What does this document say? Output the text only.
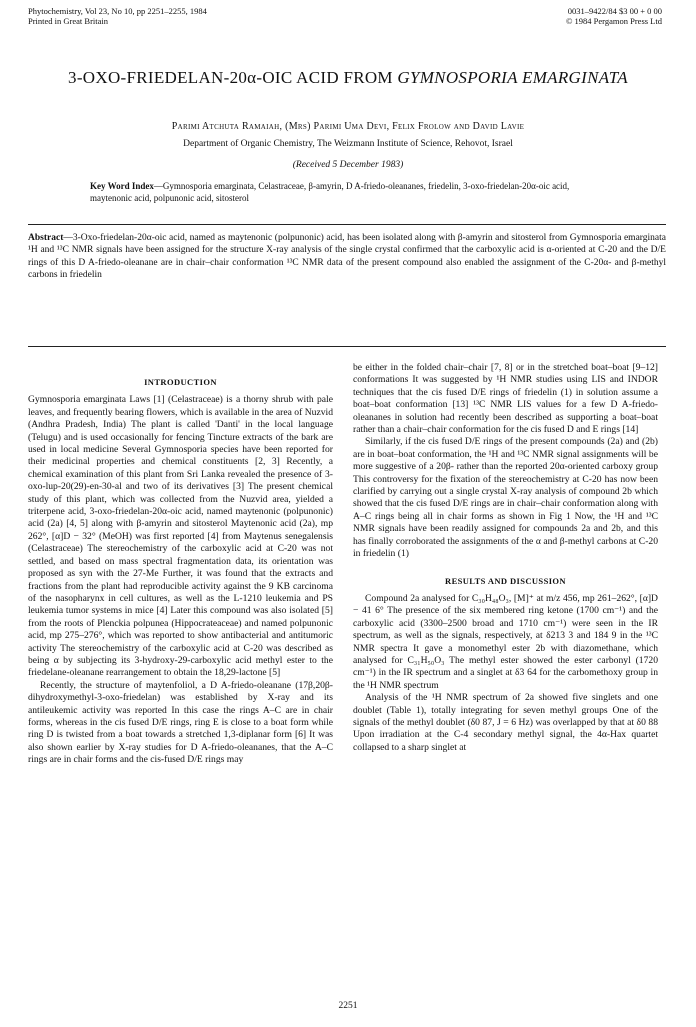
Phytochemistry, Vol 23, No 10, pp 2251–2255, 1984
Printed in Great Britain
0031–9422/84 $3 00 + 0 00
© 1984 Pergamon Press Ltd
3-OXO-FRIEDELAN-20α-OIC ACID FROM GYMNOSPORIA EMARGINATA
Parimi Atchuta Ramaiah, (Mrs) Parimi Uma Devi, Felix Frolow and David Lavie
Department of Organic Chemistry, The Weizmann Institute of Science, Rehovot, Israel
(Received 5 December 1983)
Key Word Index—Gymnosporia emarginata, Celastraceae, β-amyrin, D A-friedo-oleananes, friedelin, 3-oxo-friedelan-20α-oic acid, maytenonic acid, polpunonic acid, sitosterol
Abstract—3-Oxo-friedelan-20α-oic acid, named as maytenonic (polpunonic) acid, has been isolated along with β-amyrin and sitosterol from Gymnosporia emarginata ¹H and ¹³C NMR signals have been assigned for the structure X-ray analysis of the single crystal confirmed that the carboxylic acid is α-oriented at C-20 and the D/E rings of this D A-friedo-oleanane are in chair–chair conformation ¹³C NMR data of the present compound also enabled the assignment of the C-20α- and β-methyl carbons in friedelin
INTRODUCTION

Gymnosporia emarginata Laws [1] (Celastraceae) is a thorny shrub with pale leaves, and frequently bearing flowers, which is available in the area of Nuzvid (Andhra Pradesh, India) The plant is called 'Danti' in the local language (Telugu) and is used occasionally for fencing Tincture extracts of the bark are used in local medicine Several Gymnosporia species have been reported for their medicinal properties and chemical constituents [2, 3] Recently, a chemical examination of this plant from Sri Lanka revealed the presence of 3-oxo-lup-20(29)-en-30-al and two of its derivatives [3] The present chemical study of this plant, which was collected from the Nuzvid area, yielded a triterpene acid, 3-oxo-friedelan-20α-oic acid, named maytenonic (polpunonic) acid (2a) [4, 5] along with β-amyrin and sitosterol Maytenonic acid (2a), mp 262°, [α]D − 32° (MeOH) was first reported [4] from Maytenus senegalensis (Celastraceae) The stereochemistry of the carboxylic acid at C-20 was not settled, and based on mass spectral fragmentation data, its orientation was proposed as syn with the 27-Me Further, it was found that the extracts and fractions from the plant had reproducible activity against the 9 KB carcinoma of the nasopharynx in cell cultures, as well as the L-1210 leukemia and PS leukemia tumor systems in mice [4] Later this compound was also isolated [5] from the roots of Plenckia polpunea (Hippocrateaceae) and named polpunonic acid, mp 275–276°, which was reported to show antibacterial and antitumoric activity The stereochemistry of the carboxylic acid at C-20 was described as being α by subjecting its 3-hydroxy-29-carboxylic acid methyl ester to the friedelane-oleanane rearrangement to obtain the 18,29-lactone [5]

Recently, the structure of maytenfoliol, a D A-friedo-oleanane (17β,20β-dihydroxymethyl-3-oxo-friedelan) was established by X-ray and its antileukemic activity was reported In this case the rings A–C are in chair forms, whereas in the cis fused D/E rings, ring E is close to a boat form while ring D is twisted from a boat towards a stretched 1,3-diplanar form [6] It was also shown earlier by X-ray studies for D A-friedo-oleananes, that the A–C rings are in chair forms and the cis-fused D/E rings may

be either in the folded chair–chair [7, 8] or in the stretched boat–boat [9–12] conformations It was suggested by ¹H NMR studies using LIS and INDOR techniques that the cis fused D/E rings of friedelin (1) in solution assume a boat–boat conformation [13] ¹³C NMR LIS values for a few D A-friedo-oleananes in solution had recently been described as supporting a boat–boat rather than a chair–chair conformation for the cis fused D and E rings [14]

Similarly, if the cis fused D/E rings of the present compounds (2a) and (2b) are in boat–boat conformation, the ¹H and ¹³C NMR signal assignments will be more suggestive of a 20β- rather than the reported 20α-oriented carboxy group This controversy for the fixation of the stereochemistry at C-20 has now been clarified by carrying out a single crystal X-ray analysis of compound 2b which showed that the cis fused D/E rings are in chair–chair conformation along with A–C rings being all in chair forms as shown in Fig 1 Now, the ¹H and ¹³C NMR signals have been readily assigned for compounds 2a and 2b, and this has finally corroborated the assignments of the α and β-methyl carbons at C-20 in friedelin (1)

RESULTS AND DISCUSSION

Compound 2a analysed for C₃₀H₄₈O₃, [M]⁺ at m/z 456, mp 261–262°, [α]D − 41 6° The presence of the six membered ring ketone (1700 cm⁻¹) and the carboxylic acid (3300–2500 broad and 1710 cm⁻¹) were seen in the IR spectrum, as well as the signals, respectively, at δ213 3 and 184 9 in the ¹³C NMR spectra It gave a monomethyl ester 2b with diazomethane, which analysed for C₃₁H₅₀O₃ The methyl ester showed the ester carbonyl (1720 cm⁻¹) in the IR spectrum and a singlet at δ3 64 for the carbomethoxy group in the ¹H NMR spectrum

Analysis of the ¹H NMR spectrum of 2a showed five singlets and one doublet (Table 1), totally integrating for seven methyl groups One of the signals of the methyl doublet (δ0 87, J = 6 Hz) was overlapped by that at δ0 88 Upon irradiation at the C-4 secondary methyl signal, the 4α-Hax quartet collapsed to a sharp singlet at

2251
